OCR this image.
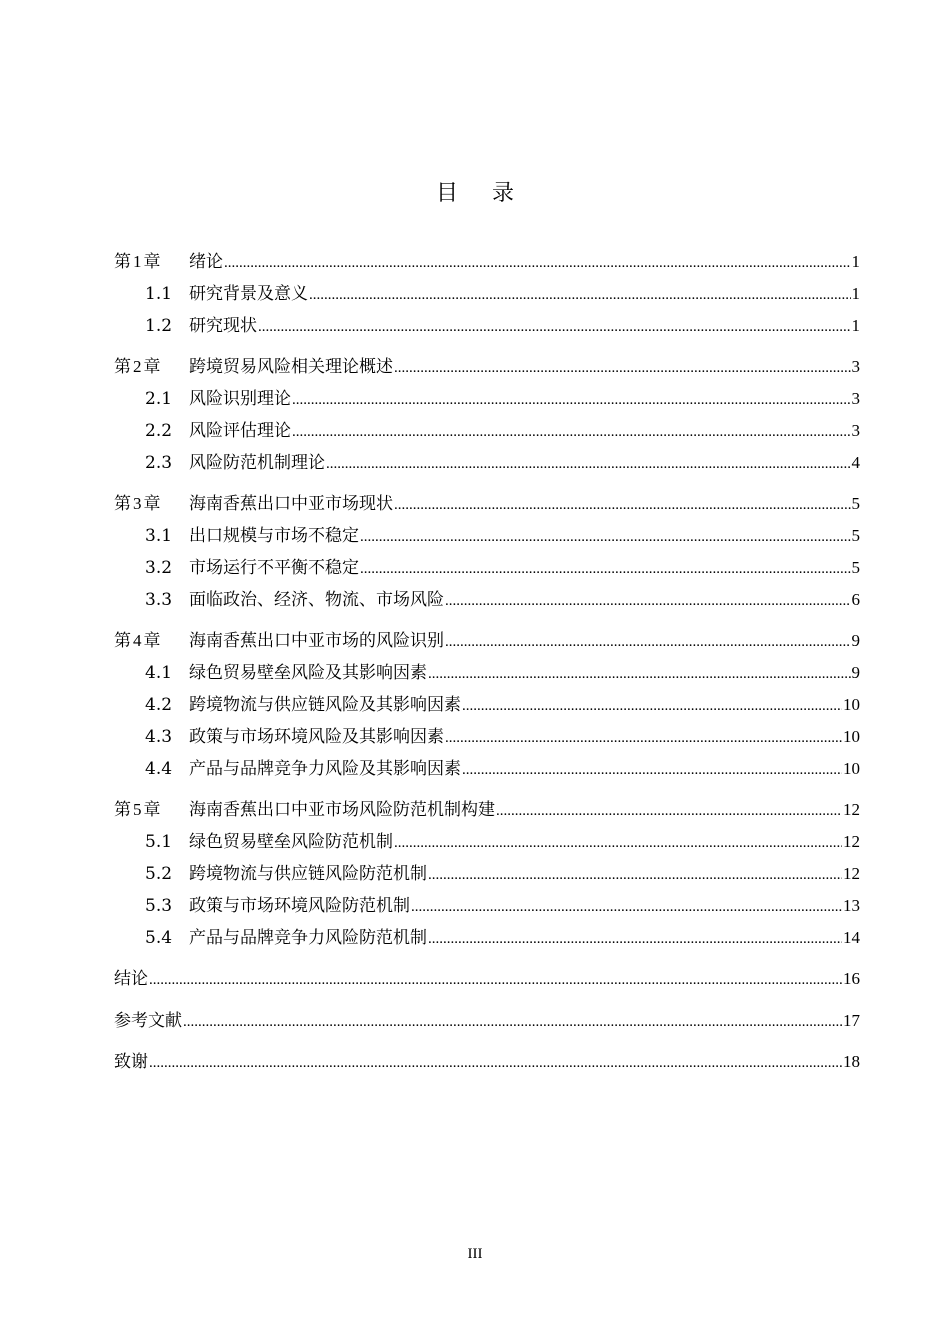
目录
第 1 章	绪论 .....	1
1.1 研究背景及意义 .....	1
1.2 研究现状 .....	1
第 2 章	跨境贸易风险相关理论概述 .....	3
2.1 风险识别理论 .....	3
2.2 风险评估理论 .....	3
2.3 风险防范机制理论 .....	4
第 3 章	海南香蕉出口中亚市场现状 .....	5
3.1 出口规模与市场不稳定 .....	5
3.2 市场运行不平衡不稳定 .....	5
3.3 面临政治、经济、物流、市场风险 .....	6
第 4 章	海南香蕉出口中亚市场的风险识别 .....	9
4.1 绿色贸易壁垒风险及其影响因素 .....	9
4.2 跨境物流与供应链风险及其影响因素 .....	10
4.3 政策与市场环境风险及其影响因素 .....	10
4.4 产品与品牌竞争力风险及其影响因素 .....	10
第 5 章	海南香蕉出口中亚市场风险防范机制构建 .....	12
5.1 绿色贸易壁垒风险防范机制 .....	12
5.2 跨境物流与供应链风险防范机制 .....	12
5.3 政策与市场环境风险防范机制 .....	13
5.4 产品与品牌竞争力风险防范机制 .....	14
结论 .....	16
参考文献 .....	17
致谢 .....	18
III
